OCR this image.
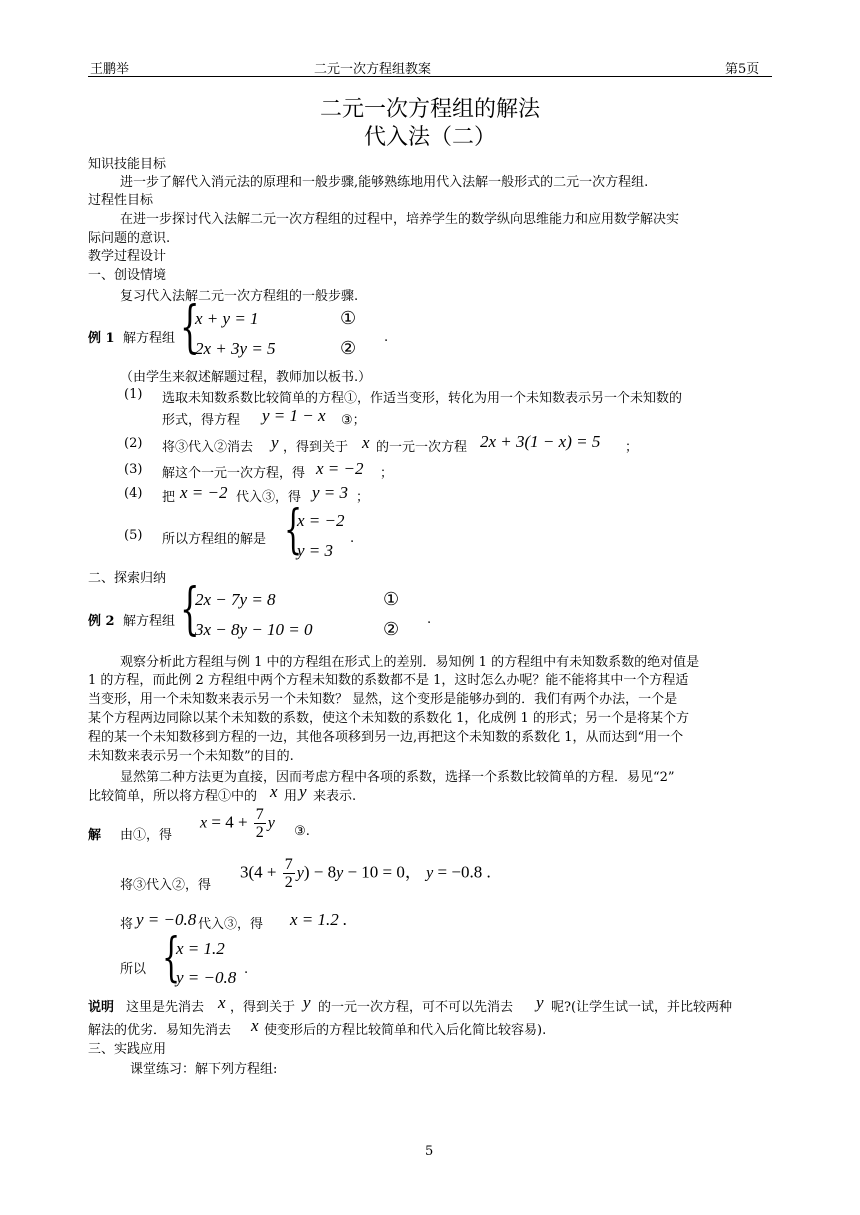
王鹏举	二元一次方程组教案	第5页
二元一次方程组的解法
代入法（二）
知识技能目标
进一步了解代入消元法的原理和一般步骤,能够熟练地用代入法解一般形式的二元一次方程组.
过程性目标
在进一步探讨代入法解二元一次方程组的过程中，培养学生的数学纵向思维能力和应用数学解决实
际问题的意识.
教学过程设计
一、创设情境
复习代入法解二元一次方程组的一般步骤.
例 1 解方程组 {
x + y = 1
2x + 3y = 5
①
②
.
（由学生来叙述解题过程，教师加以板书.）
(1) 选取未知数系数比较简单的方程①，作适当变形，转化为用一个未知数表示另一个未知数的
形式，得方程 y = 1 − x ③；
(2) 将③代入②消去 y ，得到关于 x 的一元一次方程 2x + 3(1 − x) = 5 ；
(3) 解这个一元一次方程，得 x = −2 ；
(4) 把 x = −2 代入③，得 y = 3 ；
(5) 所以方程组的解是 {
x = −2
y = 3
.
二、探索归纳
例 2 解方程组 {
2x − 7y = 8
3x − 8y − 10 = 0
①
② .
观察分析此方程组与例 1 中的方程组在形式上的差别．易知例 1 的方程组中有未知数系数的绝对值是
1 的方程，而此例 2 方程组中两个方程未知数的系数都不是 1，这时怎么办呢？能不能将其中一个方程适
当变形，用一个未知数来表示另一个未知数？ 显然，这个变形是能够办到的．我们有两个办法，一个是
某个方程两边同除以某个未知数的系数，使这个未知数的系数化 1，化成例 1 的形式；另一个是将某个方
程的某一个未知数移到方程的一边，其他各项移到另一边,再把这个未知数的系数化 1，从而达到“用一个
未知数来表示另一个未知数”的目的.
显然第二种方法更为直接，因而考虑方程中各项的系数，选择一个系数比较简单的方程．易见“2”
比较简单，所以将方程①中的 x 用 y 来表示.
解 由①，得
$x = 4 + \frac{7}{2}$ y
③.
将③代入②，得
$3(4 + \frac{7}{2} y) - 8y - 10 = 0$， y = −0.8 .
将 y = −0.8 代入③，得 x = 1.2 .
所以 {
x = 1.2
y = −0.8 .
说明 这里是先消去 x ，得到关于 y 的一元一次方程，可不可以先消去 y 呢?(让学生试一试，并比较两种
解法的优劣．易知先消去 x 使变形后的方程比较简单和代入后化简比较容易).
三、实践应用
课堂练习：解下列方程组:
5
